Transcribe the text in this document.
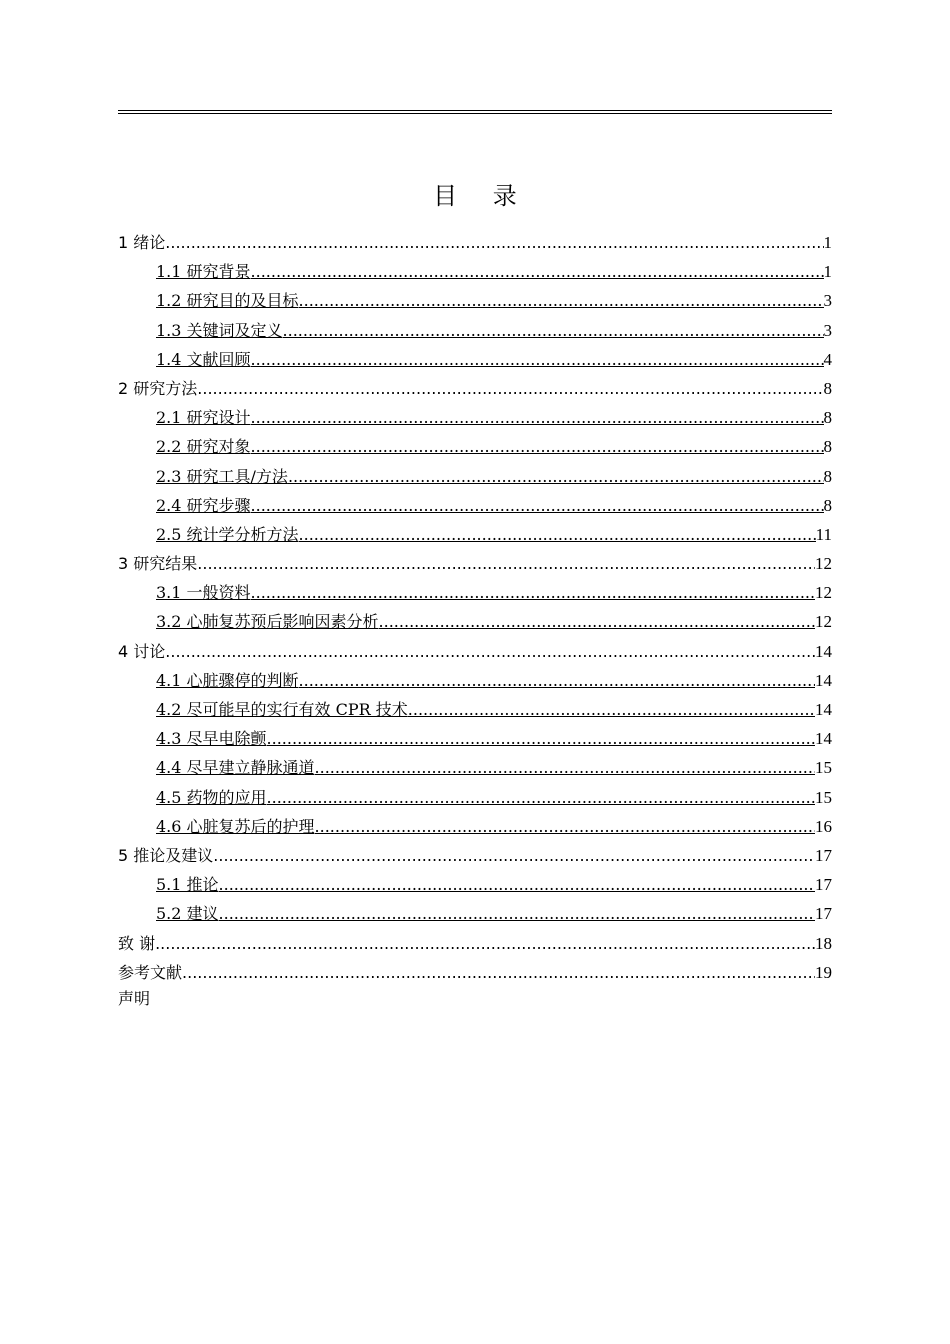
目 录
1 绪论 .....	1
1.1 研究背景 .....	1
1.2 研究目的及目标 .....	3
1.3 关键词及定义 .....	3
1.4 文献回顾 .....	4
2 研究方法 .....	8
2.1 研究设计 .....	8
2.2 研究对象 .....	8
2.3 研究工具/方法 .....	8
2.4 研究步骤 .....	8
2.5 统计学分析方法 .....	11
3 研究结果 .....	12
3.1 一般资料 .....	12
3.2 心肺复苏预后影响因素分析 .....	12
4 讨论 .....	14
4.1 心脏骤停的判断 .....	14
4.2 尽可能早的实行有效 CPR 技术 .....	14
4.3 尽早电除颤 .....	14
4.4 尽早建立静脉通道 .....	15
4.5 药物的应用 .....	15
4.6 心脏复苏后的护理 .....	16
5 推论及建议 .....	17
5.1 推论 .....	17
5.2 建议 .....	17
致 谢 .....	18
参考文献 .....	19
声明
